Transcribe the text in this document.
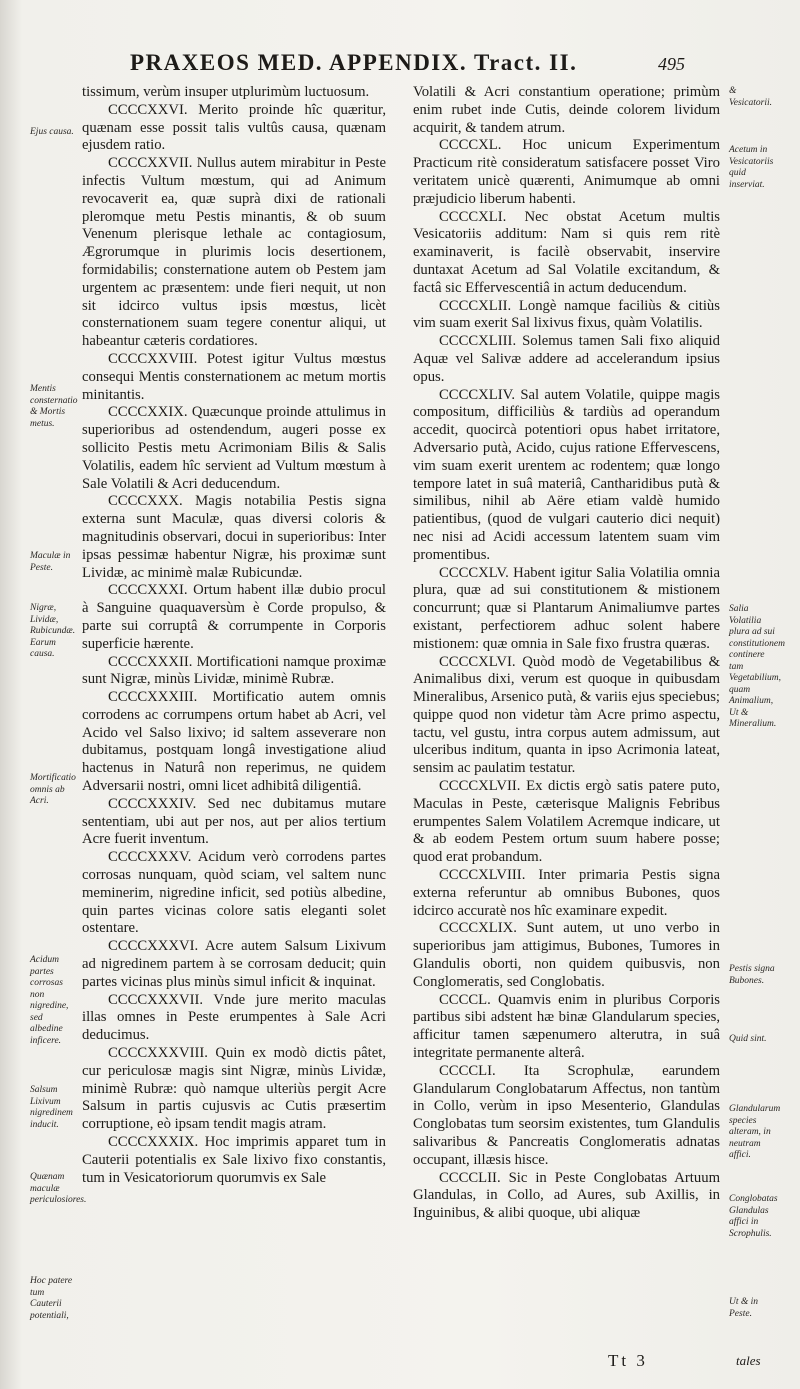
PRAXEOS MED. APPENDIX. Tract. II.	495

tissimum, verùm insuper utplurimùm luctuosum.

CCCCXXVI. Merito proinde hîc quæritur, quænam esse possit talis vultûs causa, quænam ejusdem ratio.

CCCCXXVII. Nullus autem mirabitur in Peste infectis Vultum mœstum, qui ad Animum revocaverit ea, quæ suprà dixi de rationali pleromque metu Pestis minantis, & ob suum Venenum plerisque lethale ac contagiosum, Ægrorumque in plurimis locis desertionem, formidabilis; consternatione autem ob Pestem jam urgentem ac præsentem: unde fieri nequit, ut non sit idcirco vultus ipsis mœstus, licèt consternationem suam tegere conentur aliqui, ut habeantur cæteris cordatiores.

CCCCXXVIII. Potest igitur Vultus mœstus consequi Mentis consternationem ac metum mortis minitantis.

CCCCXXIX. Quæcunque proinde attulimus in superioribus ad ostendendum, augeri posse ex sollicito Pestis metu Acrimoniam Bilis & Salis Volatilis, eadem hîc servient ad Vultum mœstum à Sale Volatili & Acri deducendum.

CCCCXXX. Magis notabilia Pestis signa externa sunt Maculæ, quas diversi coloris & magnitudinis observari, docui in superioribus: Inter ipsas pessimæ habentur Nigræ, his proximæ sunt Lividæ, ac minimè malæ Rubicundæ.

CCCCXXXI. Ortum habent illæ dubio procul à Sanguine quaquaversùm è Corde propulso, & parte sui corruptâ & corrumpente in Corporis superficie hærente.

CCCCXXXII. Mortificationi namque proximæ sunt Nigræ, minùs Lividæ, minimè Rubræ.

CCCCXXXIII. Mortificatio autem omnis corrodens ac corrumpens ortum habet ab Acri, vel Acido vel Salso lixivo; id saltem asseverare non dubitamus, postquam longâ investigatione aliud hactenus in Naturâ non reperimus, ne quidem Adversarii nostri, omni licet adhibitâ diligentiâ.

CCCCXXXIV. Sed nec dubitamus mutare sententiam, ubi aut per nos, aut per alios tertium Acre fuerit inventum.

CCCCXXXV. Acidum verò corrodens partes corrosas nunquam, quòd sciam, vel saltem nunc meminerim, nigredine inficit, sed potiùs albedine, quin partes vicinas colore satis eleganti solet ostentare.

CCCCXXXVI. Acre autem Salsum Lixivum ad nigredinem partem à se corrosam deducit; quin partes vicinas plus minùs simul inficit & inquinat.

CCCCXXXVII. Vnde jure merito maculas illas omnes in Peste erumpentes à Sale Acri deducimus.

CCCCXXXVIII. Quin ex modò dictis pâtet, cur periculosæ magis sint Nigræ, minùs Lividæ, minimè Rubræ: quò namque ulteriùs pergit Acre Salsum in partis cujusvis ac Cutis præsertim corruptione, eò ipsam tendit magis atram.

CCCCXXXIX. Hoc imprimis apparet tum in Cauterii potentialis ex Sale lixivo fixo constantis, tum in Vesicatoriorum quorumvis ex Sale

Volatili & Acri constantium operatione; primùm enim rubet inde Cutis, deinde colorem lividum acquirit, & tandem atrum.

CCCCXL. Hoc unicum Experimentum Practicum ritè consideratum satisfacere posset Viro veritatem unicè quærenti, Animumque ab omni præjudicio liberum habenti.

CCCCXLI. Nec obstat Acetum multis Vesicatoriis additum: Nam si quis rem ritè examinaverit, is facilè observabit, inservire duntaxat Acetum ad Sal Volatile excitandum, & factâ sic Effervescentiâ in actum deducendum.

CCCCXLII. Longè namque faciliùs & citiùs vim suam exerit Sal lixivus fixus, quàm Volatilis.

CCCCXLIII. Solemus tamen Sali fixo aliquid Aquæ vel Salivæ addere ad accelerandum ipsius opus.

CCCCXLIV. Sal autem Volatile, quippe magis compositum, difficiliùs & tardiùs ad operandum accedit, quocircà potentiori opus habet irritatore, Adversario putà, Acido, cujus ratione Effervescens, vim suam exerit urentem ac rodentem; quæ longo tempore latet in suâ materiâ, Cantharidibus putà & similibus, nihil ab Aëre etiam valdè humido patientibus, (quod de vulgari cauterio dici nequit) nec nisi ad Acidi accessum latentem suam vim promentibus.

CCCCXLV. Habent igitur Salia Volatilia omnia plura, quæ ad sui constitutionem & mistionem concurrunt; quæ si Plantarum Animaliumve partes existant, perfectiorem adhuc solent habere mistionem: quæ omnia in Sale fixo frustra quæras.

CCCCXLVI. Quòd modò de Vegetabilibus & Animalibus dixi, verum est quoque in quibusdam Mineralibus, Arsenico putà, & variis ejus speciebus; quippe quod non videtur tàm Acre primo aspectu, tactu, vel gustu, intra corpus autem admissum, aut ulceribus inditum, quanta in ipso Acrimonia lateat, sensim ac paulatim testatur.

CCCCXLVII. Ex dictis ergò satis patere puto, Maculas in Peste, cæterisque Malignis Febribus erumpentes Salem Volatilem Acremque indicare, ut & ab eodem Pestem ortum suum habere posse; quod erat probandum.

CCCCXLVIII. Inter primaria Pestis signa externa referuntur ab omnibus Bubones, quos idcirco accuratè nos hîc examinare expedit.

CCCCXLIX. Sunt autem, ut uno verbo in superioribus jam attigimus, Bubones, Tumores in Glandulis oborti, non quidem quibusvis, non Conglomeratis, sed Conglobatis.

CCCCL. Quamvis enim in pluribus Corporis partibus sibi adstent hæ binæ Glandularum species, afficitur tamen sæpenumero alterutra, in suâ integritate permanente alterâ.

CCCCLI. Ita Scrophulæ, earundem Glandularum Conglobatarum Affectus, non tantùm in Collo, verùm in ipso Mesenterio, Glandulas Conglobatas tum seorsim existentes, tum Glandulis salivaribus & Pancreatis Conglomeratis adnatas occupant, illæsis hisce.

CCCCLII. Sic in Peste Conglobatas Artuum Glandulas, in Collo, ad Aures, sub Axillis, in Inguinibus, & alibi quoque, ubi aliquæ

Ejus causa.
Mentis consternatio & Mortis metus.
Maculæ in Peste.
Nigræ, Lividæ, Rubicundæ. Earum causa.
Mortificatio omnis ab Acri.
Acidum partes corrosas non nigredine, sed albedine inficere.
Salsum Lixivum nigredinem inducit.
Quænam maculæ periculosiores.
Hoc patere tum Cauterii potentiali,
& Vesicatorii.
Acetum in Vesicatoriis quid inserviat.
Salia Volatilia plura ad sui constitutionem continere tam Vegetabilium, quam Animalium, Ut & Mineralium.
Pestis signa Bubones.
Quid sint.
Glandularum species alteram, in neutram affici.
Conglobatas Glandulas affici in Scrophulis.
Ut & in Peste.
Tt 3	tales
